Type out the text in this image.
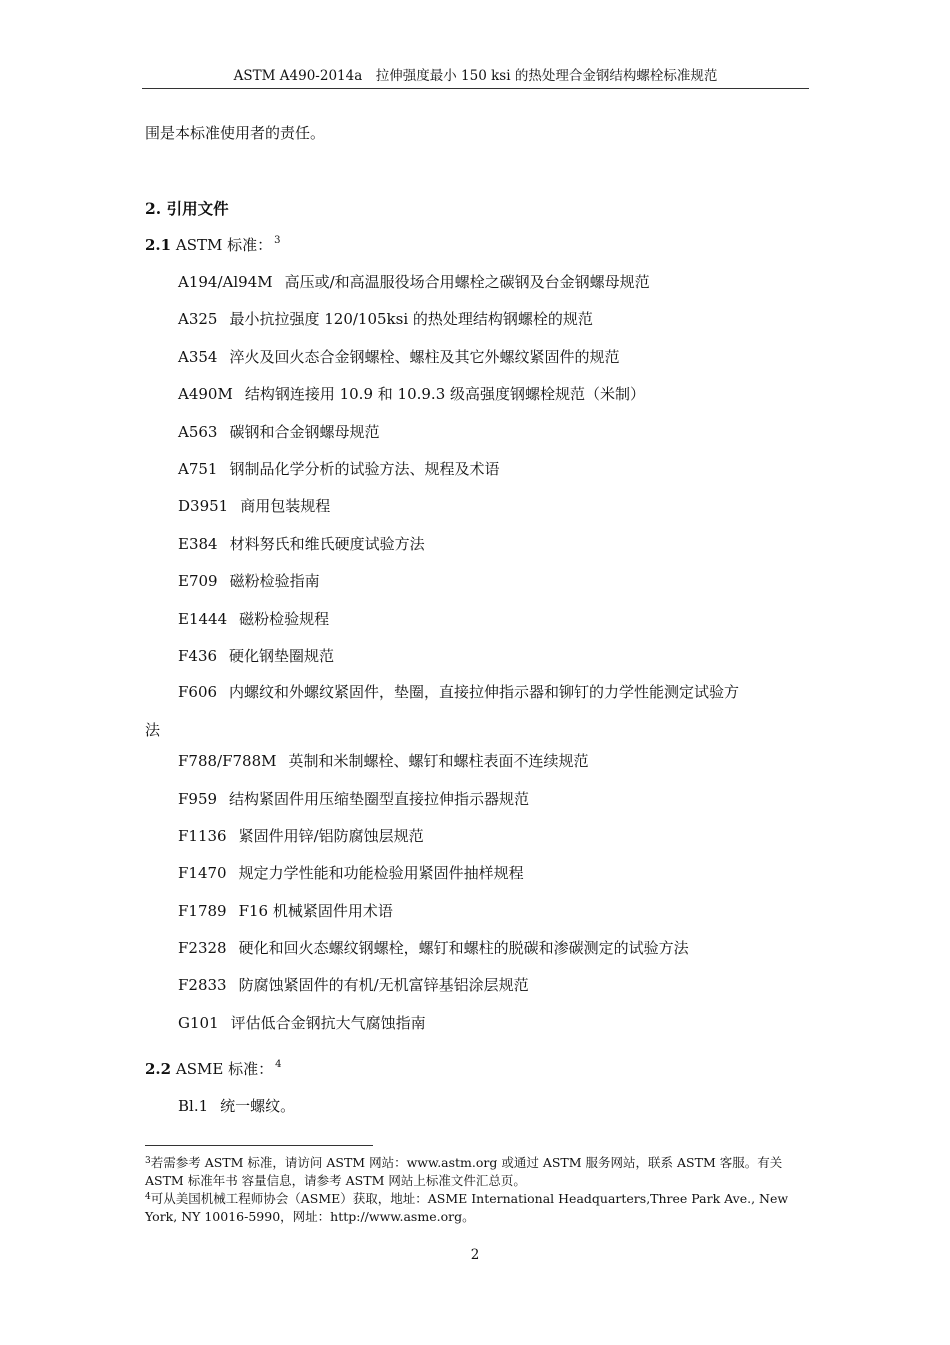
ASTM A490-2014a　拉伸强度最小 150 ksi 的热处理合金钢结构螺栓标准规范
围是本标准使用者的责任。
2. 引用文件
2.1 ASTM 标准： $^3$
A194/Al94M 高压或/和高温服役场合用螺栓之碳钢及台金钢螺母规范
A325 最小抗拉强度 120/105ksi 的热处理结构钢螺栓的规范
A354 淬火及回火态合金钢螺栓、螺柱及其它外螺纹紧固件的规范
A490M 结构钢连接用 10.9 和 10.9.3 级高强度钢螺栓规范（米制）
A563 碳钢和合金钢螺母规范
A751 钢制品化学分析的试验方法、规程及术语
D3951 商用包装规程
E384 材料努氏和维氏硬度试验方法
E709 磁粉检验指南
E1444 磁粉检验规程
F436 硬化钢垫圈规范
F606 内螺纹和外螺纹紧固件，垫圈，直接拉伸指示器和铆钉的力学性能测定试验方
法
F788/F788M 英制和米制螺栓、螺钉和螺柱表面不连续规范
F959 结构紧固件用压缩垫圈型直接拉伸指示器规范
F1136 紧固件用锌/铝防腐蚀层规范
F1470 规定力学性能和功能检验用紧固件抽样规程
F1789 F16 机械紧固件用术语
F2328 硬化和回火态螺纹钢螺栓，螺钉和螺柱的脱碳和渗碳测定的试验方法
F2833 防腐蚀紧固件的有机/无机富锌基铝涂层规范
G101 评估低合金钢抗大气腐蚀指南
2.2 ASME 标准： $^4$
Bl.1 统一螺纹。

$^3$若需参考 ASTM 标准，请访问 ASTM 网站：www.astm.org 或通过 ASTM 服务网站，联系 ASTM 客服。有关 ASTM 标准年书 容量信息，请参考 ASTM 网站上标准文件汇总页。

$^4$可从美国机械工程师协会（ASME）获取，地址：ASME International Headquarters,Three Park Ave., New York, NY 10016-5990，网址：http://www.asme.org。

2
